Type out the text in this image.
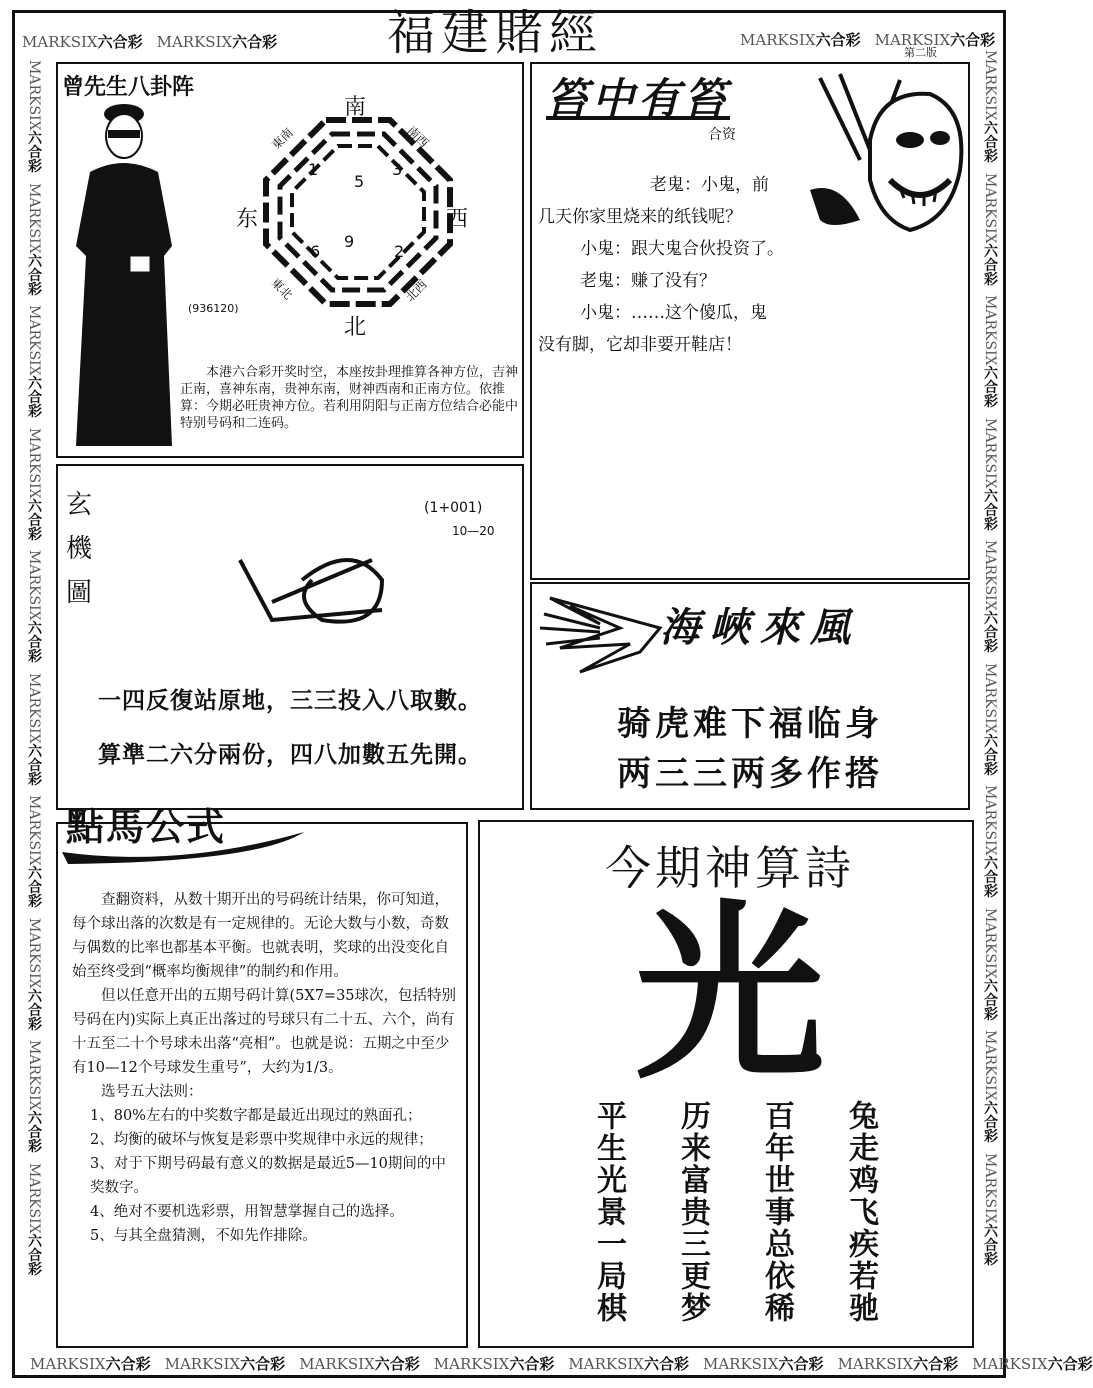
MARKSIX六合彩 MARKSIX六合彩	MARKSIX六合彩 MARKSIX六合彩
MARKSIX六合彩 MARKSIX六合彩 MARKSIX六合彩 MARKSIX六合彩 MARKSIX六合彩 MARKSIX六合彩 MARKSIX六合彩 MARKSIX六合彩
MARKSIX六合彩
MARKSIX六合彩
MARKSIX六合彩
MARKSIX六合彩
MARKSIX六合彩
MARKSIX六合彩
MARKSIX六合彩
MARKSIX六合彩
MARKSIX六合彩
MARKSIX六合彩
MARKSIX六合彩
MARKSIX六合彩
MARKSIX六合彩
MARKSIX六合彩
MARKSIX六合彩
MARKSIX六合彩
MARKSIX六合彩
MARKSIX六合彩
MARKSIX六合彩
MARKSIX六合彩
福建賭經	第二版
曾先生八卦阵
(936120)
南
北
东	西
東南	南西
東北	北西
1
5
3
6
9
2
本港六合彩开奖时空，本座按卦理推算各神方位，吉神正南，喜神东南，贵神东南，财神西南和正南方位。依推算：今期必旺贵神方位。若利用阴阳与正南方位结合必能中特别号码和二连码。
笞中有笞
合资
老鬼：小鬼，前
几天你家里烧来的纸钱呢？
小鬼：跟大鬼合伙投资了。
老鬼：赚了没有？
小鬼：……这个傻瓜，鬼
没有脚，它却非要开鞋店！
玄
機
圖
(1+001)
10—20
一四反復站原地，三三投入八取數。
算準二六分兩份，四八加數五先開。
海峽來風
骑虎难下福临身
两三三两多作搭
點馬公式

查翻资料，从数十期开出的号码统计结果，你可知道，每个球出落的次数是有一定规律的。无论大数与小数，奇数与偶数的比率也都基本平衡。也就表明，奖球的出没变化自始至终受到“概率均衡规律”的制约和作用。

但以任意开出的五期号码计算(5X7=35球次，包括特别号码在内)实际上真正出落过的号球只有二十五、六个，尚有十五至二十个号球未出落“亮相”。也就是说：五期之中至少有10—12个号球发生重号”，大约为1/3。

选号五大法则：

1、80%左右的中奖数字都是最近出现过的熟面孔；

2、均衡的破坏与恢复是彩票中奖规律中永远的规律；

3、对于下期号码最有意义的数据是最近5—10期间的中奖数字。

4、绝对不要机选彩票，用智慧掌握自己的选择。

5、与其全盘猜测，不如先作排除。

今期神算詩
光
兔走鸡飞疾若驰
百年世事总依稀
历来富贵三更梦
平生光景一局棋
